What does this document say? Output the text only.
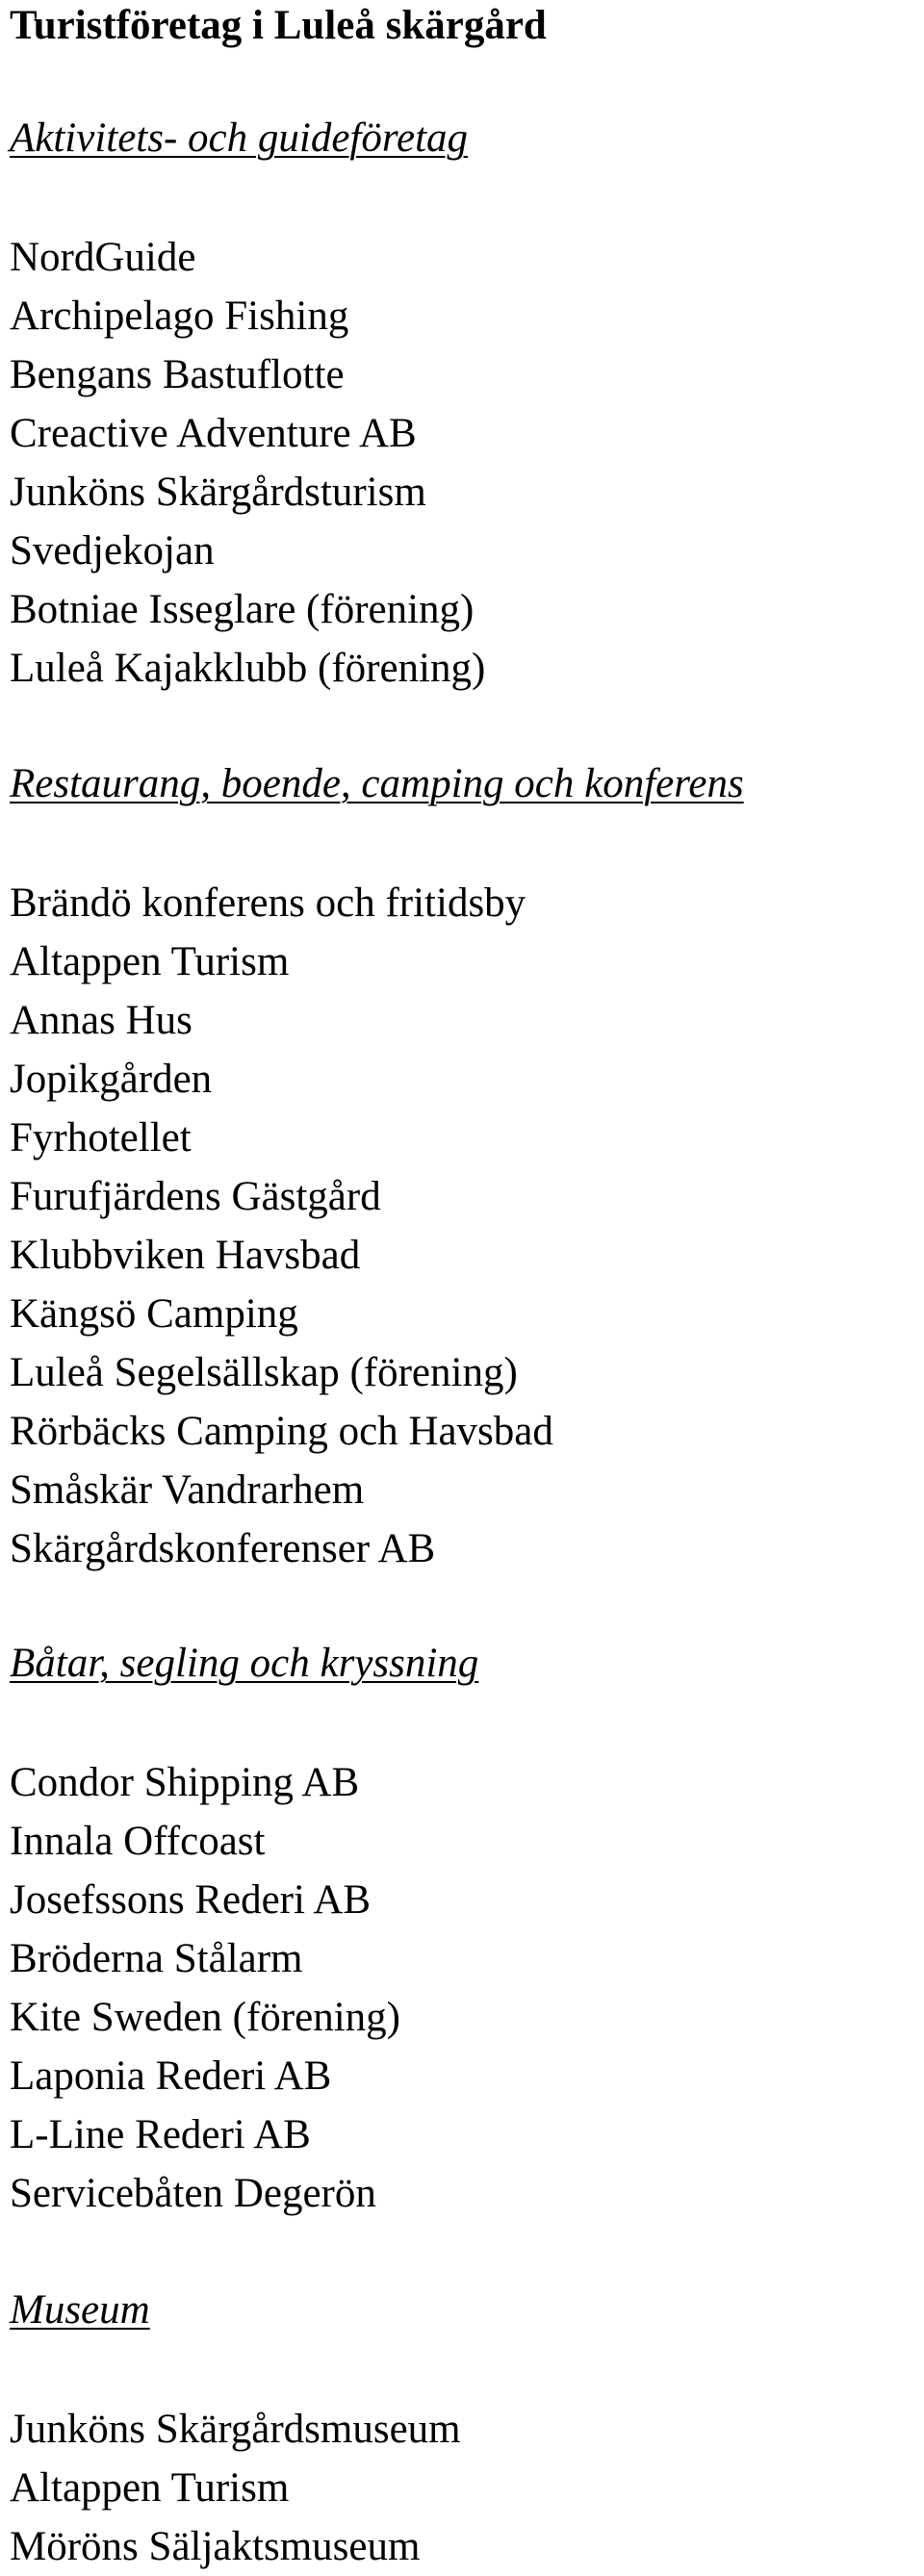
Turistföretag i Luleå skärgård
Aktivitets- och guideföretag
NordGuide
Archipelago Fishing
Bengans Bastuflotte
Creactive Adventure AB
Junköns Skärgårdsturism
Svedjekojan
Botniae Isseglare (förening)
Luleå Kajakklubb (förening)
Restaurang, boende, camping och konferens
Brändö konferens och fritidsby
Altappen Turism
Annas Hus
Jopikgården
Fyrhotellet
Furufjärdens Gästgård
Klubbviken Havsbad
Kängsö Camping
Luleå Segelsällskap (förening)
Rörbäcks Camping och Havsbad
Småskär Vandrarhem
Skärgårdskonferenser AB
Båtar, segling och kryssning
Condor Shipping AB
Innala Offcoast
Josefssons Rederi AB
Bröderna Stålarm
Kite Sweden (förening)
Laponia Rederi AB
L-Line Rederi AB
Servicebåten Degerön
Museum
Junköns Skärgårdsmuseum
Altappen Turism
Möröns Säljaktsmuseum
